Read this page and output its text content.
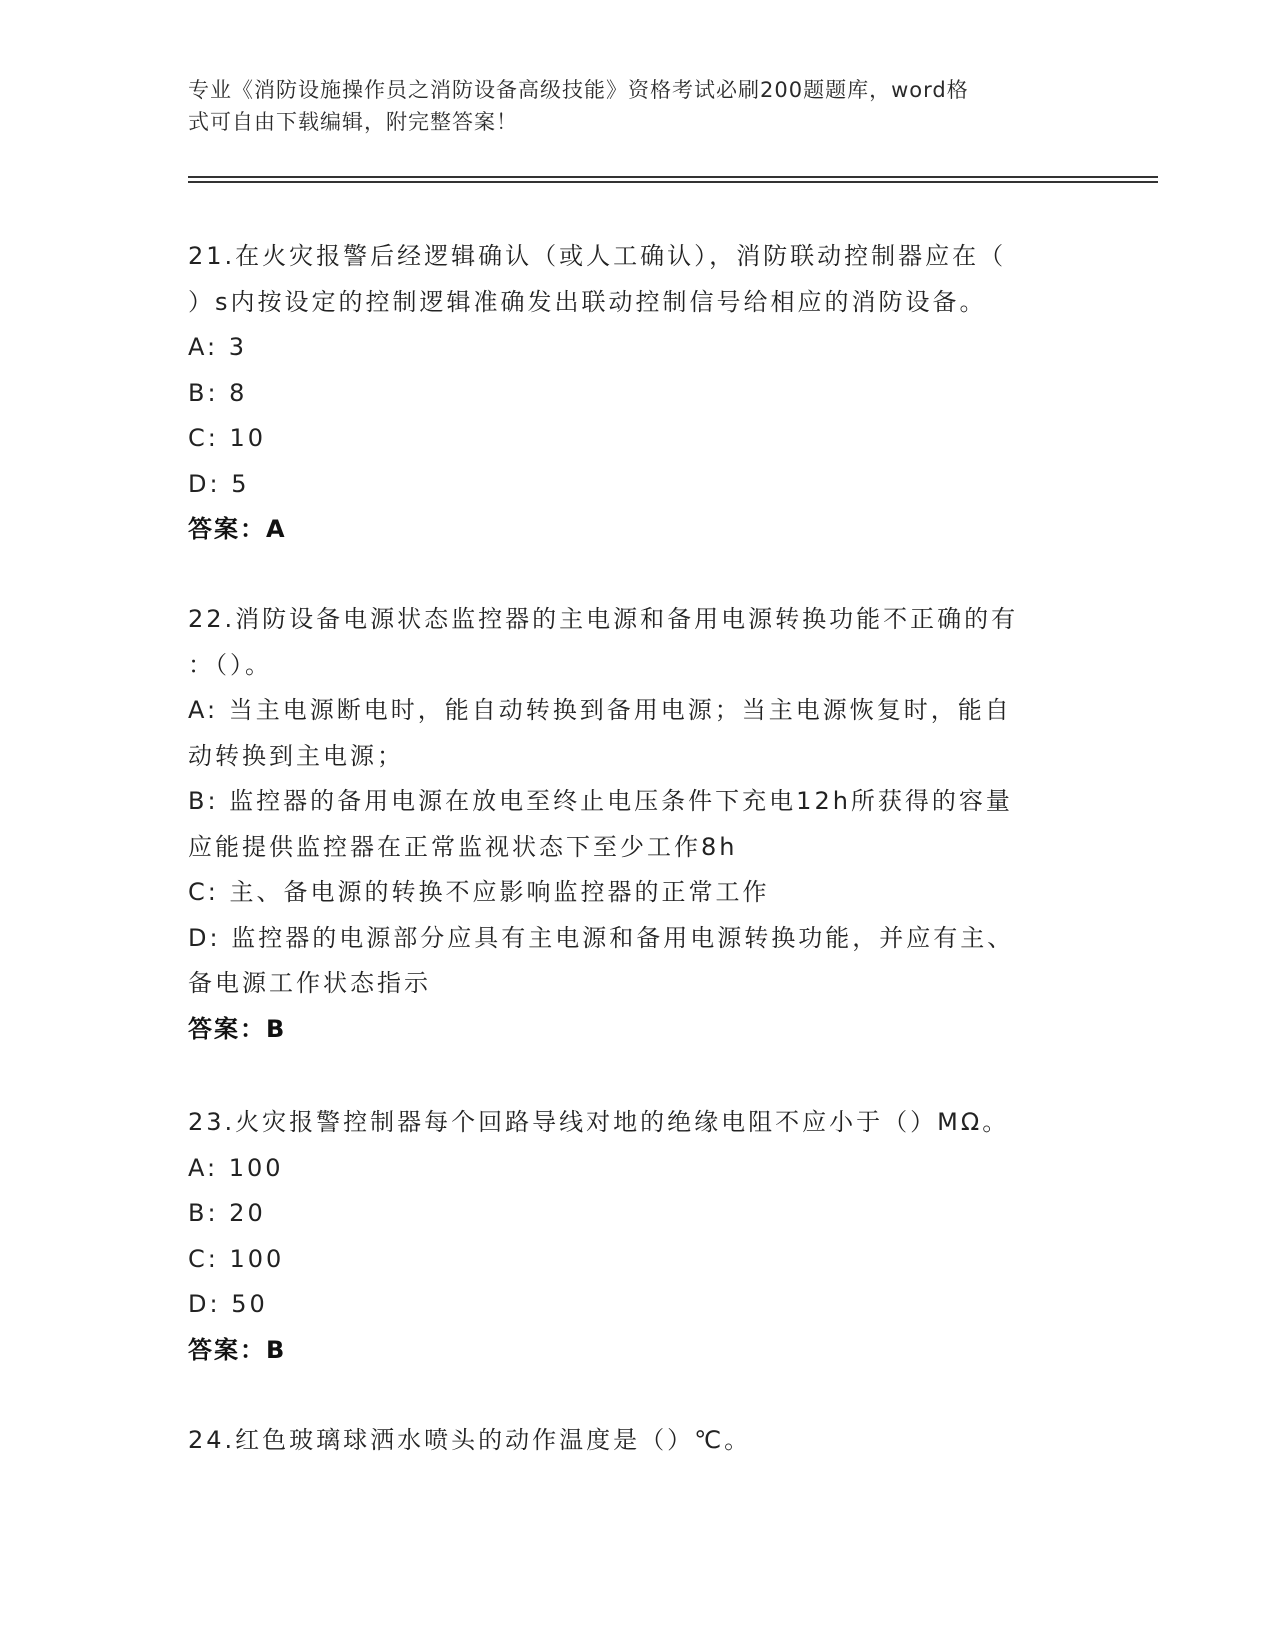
专业《消防设施操作员之消防设备高级技能》资格考试必刷200题题库，word格
式可自由下载编辑，附完整答案！
21.在火灾报警后经逻辑确认（或人工确认），消防联动控制器应在（
）s内按设定的控制逻辑准确发出联动控制信号给相应的消防设备。
A: 3
B: 8
C: 10
D: 5
答案：A
22.消防设备电源状态监控器的主电源和备用电源转换功能不正确的有
：（）。
A: 当主电源断电时，能自动转换到备用电源；当主电源恢复时，能自
动转换到主电源；
B: 监控器的备用电源在放电至终止电压条件下充电12h所获得的容量
应能提供监控器在正常监视状态下至少工作8h
C: 主、备电源的转换不应影响监控器的正常工作
D: 监控器的电源部分应具有主电源和备用电源转换功能，并应有主、
备电源工作状态指示
答案：B
23.火灾报警控制器每个回路导线对地的绝缘电阻不应小于（）MΩ。
A: 100
B: 20
C: 100
D: 50
答案：B
24.红色玻璃球洒水喷头的动作温度是（）℃。
